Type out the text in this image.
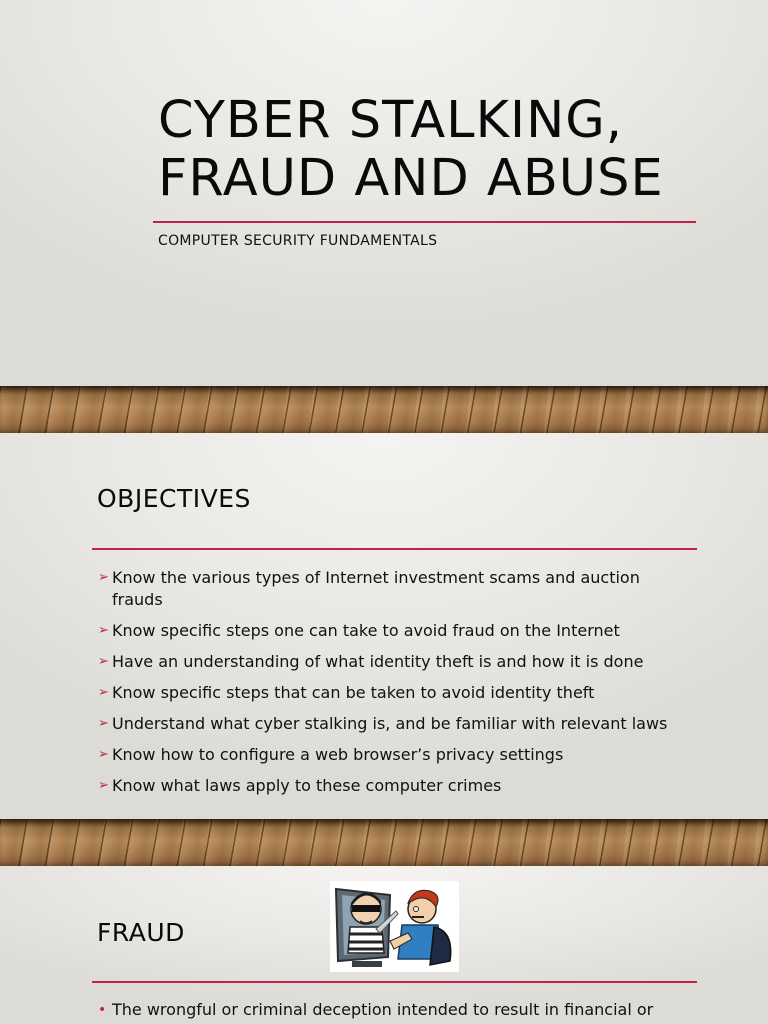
CYBER STALKING,
FRAUD AND ABUSE
COMPUTER SECURITY FUNDAMENTALS
OBJECTIVES
➢ Know the various types of Internet investment scams and auction frauds
➢ Know specific steps one can take to avoid fraud on the Internet
➢ Have an understanding of what identity theft is and how it is done
➢ Know specific steps that can be taken to avoid identity theft
➢ Understand what cyber stalking is, and be familiar with relevant laws
➢ Know how to configure a web browser’s privacy settings
➢ Know what laws apply to these computer crimes
FRAUD
• The wrongful or criminal deception intended to result in financial or
